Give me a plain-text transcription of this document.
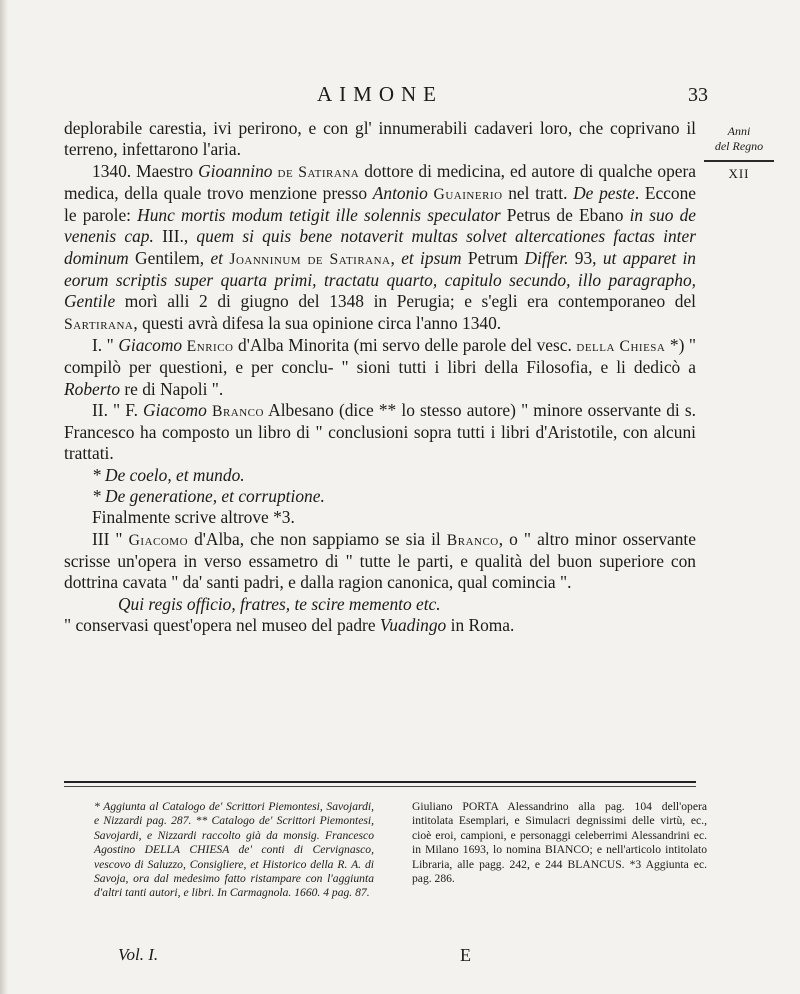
AIMONE	33
Anni
del Regno
XII

deplorabile carestia, ivi perirono, e con gl' innumerabili cadaveri loro, che coprivano il terreno, infettarono l'aria.

1340. Maestro Gioannino de Satirana dottore di medicina, ed autore di qualche opera medica, della quale trovo menzione presso Antonio Guainerio nel tratt. De peste. Eccone le parole: Hunc mortis modum tetigit ille solennis speculator Petrus de Ebano in suo de venenis cap. III., quem si quis bene notaverit multas solvet altercationes factas inter dominum Gentilem, et Joanninum de Satirana, et ipsum Petrum Differ. 93, ut apparet in eorum scriptis super quarta primi, tractatu quarto, capitulo secundo, illo paragrapho, Gentile morì alli 2 di giugno del 1348 in Perugia; e s'egli era contemporaneo del Sartirana, questi avrà difesa la sua opinione circa l'anno 1340.

I. " Giacomo Enrico d'Alba Minorita (mi servo delle parole del vesc. della Chiesa *) " compilò per questioni, e per conclu- " sioni tutti i libri della Filosofia, e li dedicò a Roberto re di Napoli ".

II. " F. Giacomo Branco Albesano (dice ** lo stesso autore) " minore osservante di s. Francesco ha composto un libro di " conclusioni sopra tutti i libri d'Aristotile, con alcuni trattati.

* De coelo, et mundo.

* De generatione, et corruptione.

Finalmente scrive altrove *3.

III " Giacomo d'Alba, che non sappiamo se sia il Branco, o " altro minor osservante scrisse un'opera in verso essametro di " tutte le parti, e qualità del buon superiore con dottrina cavata " da' santi padri, e dalla ragion canonica, qual comincia ".

Qui regis officio, fratres, te scire memento etc.

" conservasi quest'opera nel museo del padre Vuadingo in Roma.

* Aggiunta al Catalogo de' Scrittori Piemontesi, Savojardi, e Nizzardi pag. 287. ** Catalogo de' Scrittori Piemontesi, Savojardi, e Nizzardi raccolto già da monsig. Francesco Agostino DELLA CHIESA de' conti di Cervignasco, vescovo di Saluzzo, Consigliere, et Historico della R. A. di Savoja, ora dal medesimo fatto ristampare con l'aggiunta d'altri tanti autori, e libri. In Carmagnola. 1660. 4 pag. 87.

Giuliano PORTA Alessandrino alla pag. 104 dell'opera intitolata Esemplari, e Simulacri degnissimi delle virtù, ec., cioè eroi, campioni, e personaggi celeberrimi Alessandrini ec. in Milano 1693, lo nomina BIANCO; e nell'articolo intitolato Libraria, alle pagg. 242, e 244 BLANCUS. *3 Aggiunta ec. pag. 286.

Vol. I.	E
